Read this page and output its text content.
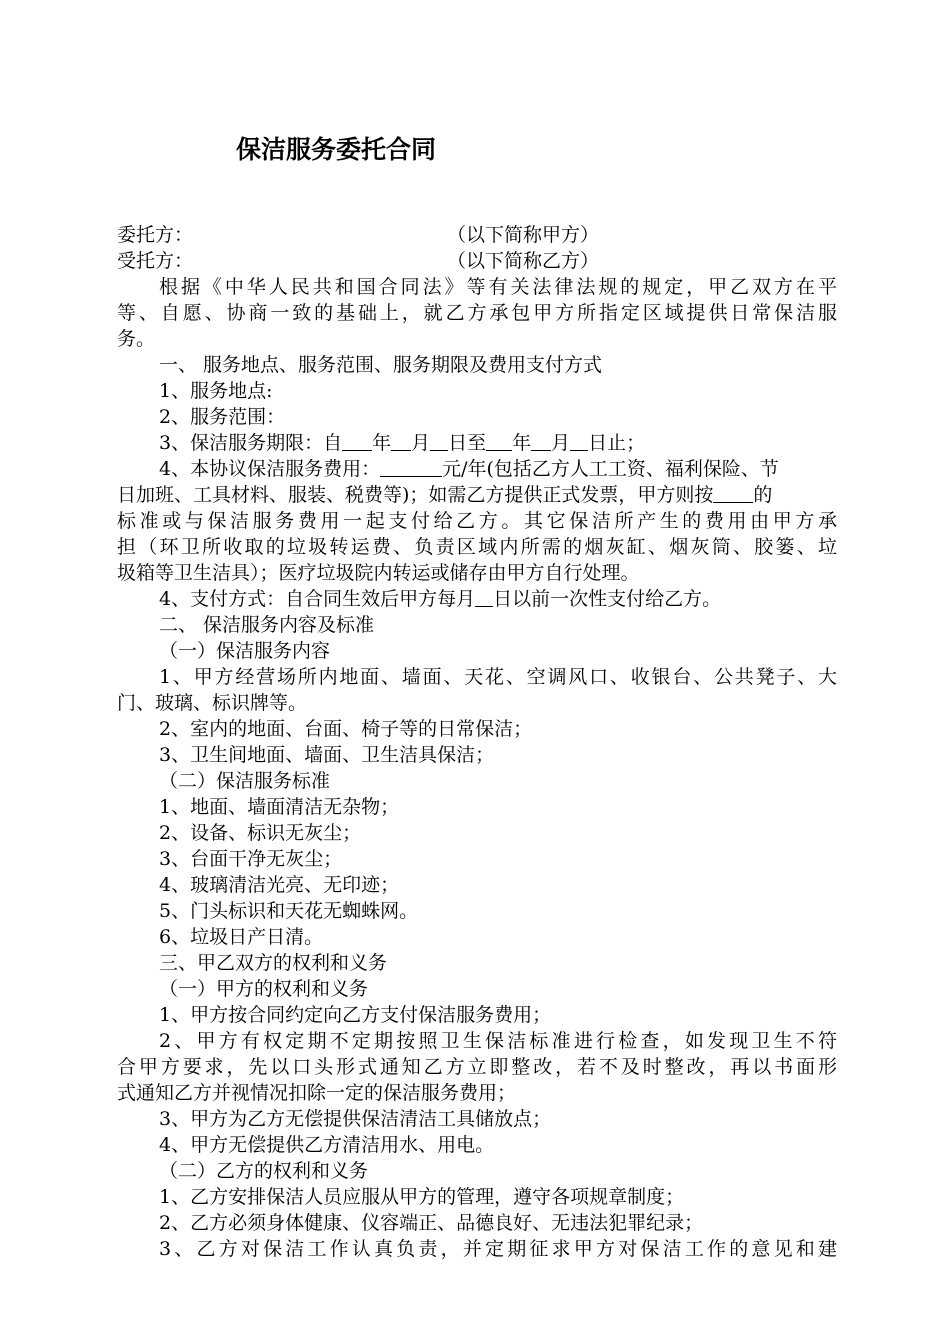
保洁服务委托合同
委托方：	（以下简称甲方）
受托方：	（以下简称乙方）
根据《中华人民共和国合同法》等有关法律法规的规定，甲乙双方在平
等、自愿、协商一致的基础上，就乙方承包甲方所指定区域提供日常保洁服
务。
一、 服务地点、服务范围、服务期限及费用支付方式
1、服务地点:
2、服务范围：
3、保洁服务期限：自 年 月 日至 年 月 日止；
4、本协议保洁服务费用：	元/年(包括乙方人工工资、福利保险、节
日加班、工具材料、服装、税费等)；如需乙方提供正式发票，甲方则按 的
标准或与保洁服务费用一起支付给乙方。其它保洁所产生的费用由甲方承
担（环卫所收取的垃圾转运费、负责区域内所需的烟灰缸、烟灰筒、胶篓、垃
圾箱等卫生洁具）；医疗垃圾院内转运或储存由甲方自行处理。
4、支付方式：自合同生效后甲方每月 日以前一次性支付给乙方。
二、 保洁服务内容及标准
（一）保洁服务内容
1、甲方经营场所内地面、墙面、天花、空调风口、收银台、公共凳子、大
门、玻璃、标识牌等。
2、室内的地面、台面、椅子等的日常保洁；
3、卫生间地面、墙面、卫生洁具保洁；
（二）保洁服务标准
1、地面、墙面清洁无杂物；
2、设备、标识无灰尘；
3、台面干净无灰尘；
4、玻璃清洁光亮、无印迹；
5、门头标识和天花无蜘蛛网。
6、垃圾日产日清。
三、甲乙双方的权利和义务
（一）甲方的权利和义务
1、甲方按合同约定向乙方支付保洁服务费用；
2、甲方有权定期不定期按照卫生保洁标准进行检查，如发现卫生不符
合甲方要求，先以口头形式通知乙方立即整改，若不及时整改，再以书面形
式通知乙方并视情况扣除一定的保洁服务费用；
3、甲方为乙方无偿提供保洁清洁工具储放点；
4、甲方无偿提供乙方清洁用水、用电。
（二）乙方的权利和义务
1、乙方安排保洁人员应服从甲方的管理，遵守各项规章制度；
2、乙方必须身体健康、仪容端正、品德良好、无违法犯罪纪录；
3、乙方对保洁工作认真负责，并定期征求甲方对保洁工作的意见和建
